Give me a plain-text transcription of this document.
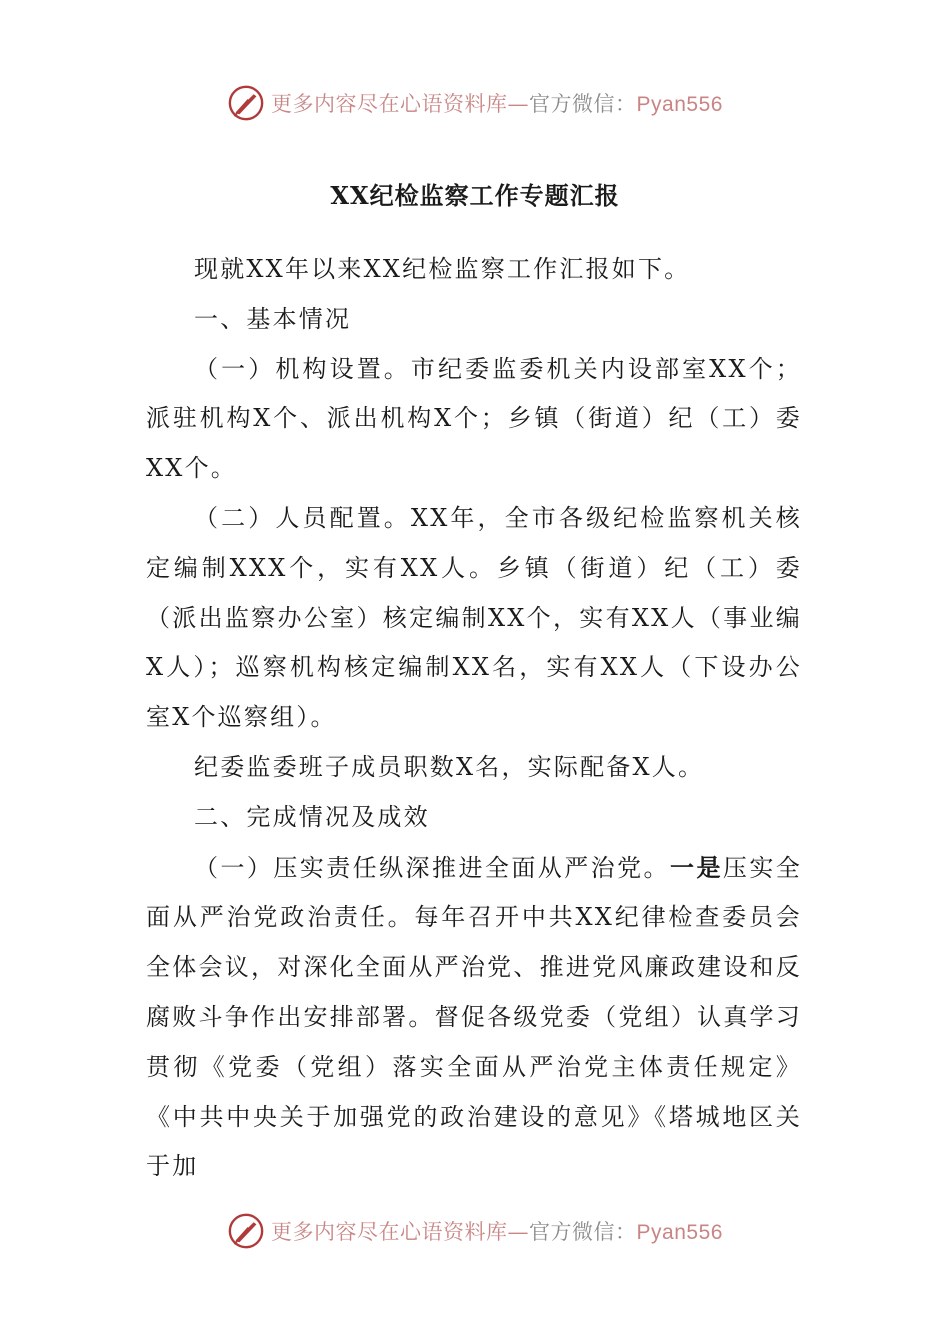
更多内容尽在心语资料库—官方微信：Pyan556
XX纪检监察工作专题汇报

现就XX年以来XX纪检监察工作汇报如下。

一、基本情况

（一）机构设置。市纪委监委机关内设部室XX个；派驻机构X个、派出机构X个；乡镇（街道）纪（工）委XX个。

（二）人员配置。XX年，全市各级纪检监察机关核定编制XXX个，实有XX人。乡镇（街道）纪（工）委（派出监察办公室）核定编制XX个，实有XX人（事业编X人）；巡察机构核定编制XX名，实有XX人（下设办公室X个巡察组）。

纪委监委班子成员职数X名，实际配备X人。

二、完成情况及成效

（一）压实责任纵深推进全面从严治党。一是压实全面从严治党政治责任。每年召开中共XX纪律检查委员会全体会议，对深化全面从严治党、推进党风廉政建设和反腐败斗争作出安排部署。督促各级党委（党组）认真学习贯彻《党委（党组）落实全面从严治党主体责任规定》《中共中央关于加强党的政治建设的意见》《塔城地区关于加

更多内容尽在心语资料库—官方微信：Pyan556
